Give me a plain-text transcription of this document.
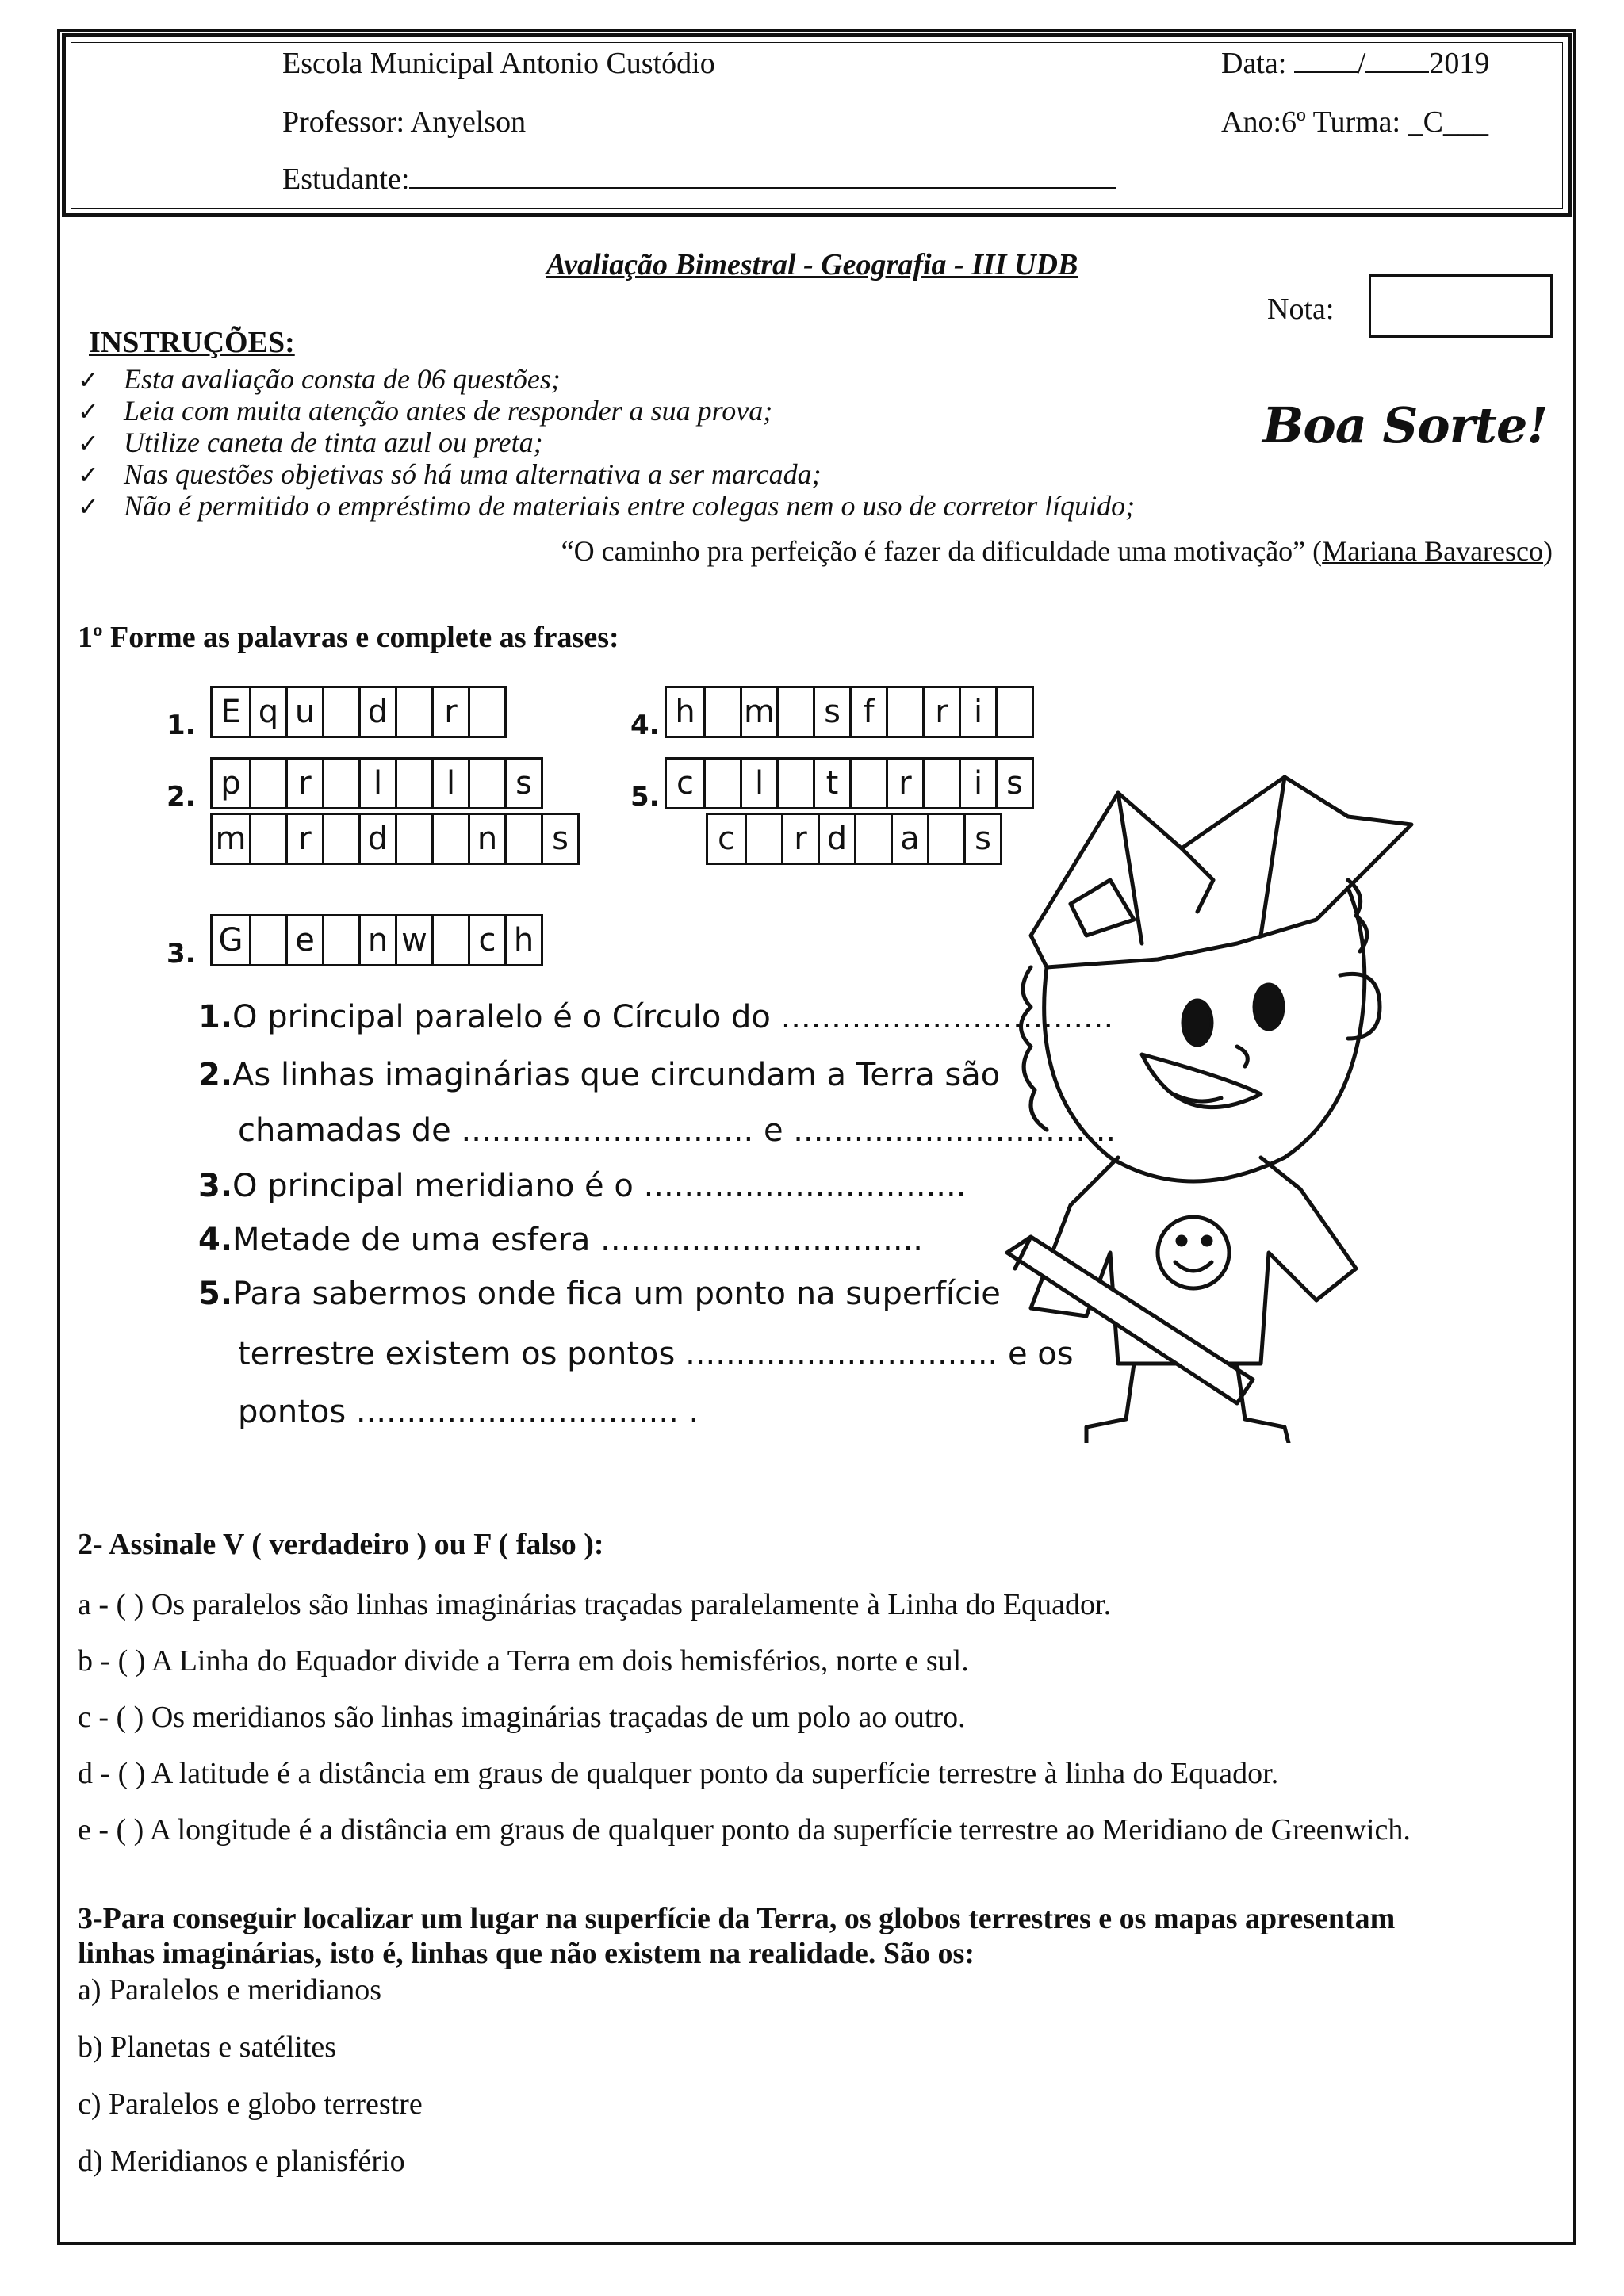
Escola Municipal Antonio Custódio
Professor: Anyelson
Estudante:
Data: / 2019
Ano:6º Turma: _C___
Avaliação Bimestral - Geografia - III UDB
Nota:
Boa Sorte!
INSTRUÇÕES:
✓ Esta avaliação consta de 06 questões;
✓ Leia com muita atenção antes de responder a sua prova;
✓ Utilize caneta de tinta azul ou preta;
✓ Nas questões objetivas só há uma alternativa a ser marcada;
✓ Não é permitido o empréstimo de materiais entre colegas nem o uso de corretor líquido;
“O caminho pra perfeição é fazer da dificuldade uma motivação” (Mariana Bavaresco)
1º Forme as palavras e complete as frases:
1. E q u d	r	4. h m	s f	r i
2. p	r	l	l	s
m	r	d	n	s
5. c	l	t	r	i s
c	r d	a	s
3. G	e n w	c h
1.O principal paralelo é o Círculo do .................................
2.As linhas imaginárias que circundam a Terra são
chamadas de ............................. e ................................
3.O principal meridiano é o ................................
4.Metade de uma esfera ................................
5.Para sabermos onde fica um ponto na superfície
terrestre existem os pontos ............................... e os
pontos ................................ .
2- Assinale V ( verdadeiro ) ou F ( falso ):
a - ( ) Os paralelos são linhas imaginárias traçadas paralelamente à Linha do Equador.
b - ( ) A Linha do Equador divide a Terra em dois hemisférios, norte e sul.
c - ( ) Os meridianos são linhas imaginárias traçadas de um polo ao outro.
d - ( ) A latitude é a distância em graus de qualquer ponto da superfície terrestre à linha do Equador.
e - ( ) A longitude é a distância em graus de qualquer ponto da superfície terrestre ao Meridiano de Greenwich.
3-Para conseguir localizar um lugar na superfície da Terra, os globos terrestres e os mapas apresentam
linhas imaginárias, isto é, linhas que não existem na realidade. São os:
a) Paralelos e meridianos
b) Planetas e satélites
c) Paralelos e globo terrestre
d) Meridianos e planisfério
